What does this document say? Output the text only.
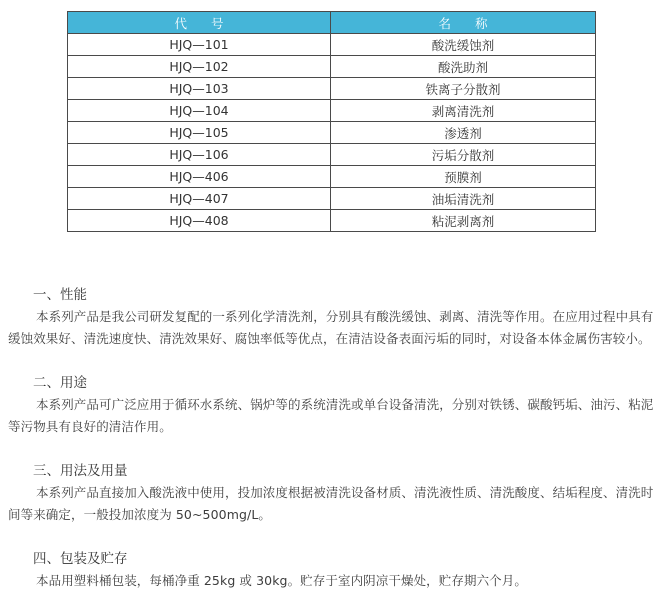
代 号	名 称
HJQ—101	酸洗缓蚀剂
HJQ—102	酸洗助剂
HJQ—103	铁离子分散剂
HJQ—104	剥离清洗剂
HJQ—105	渗透剂
HJQ—106	污垢分散剂
HJQ—406	预膜剂
HJQ—407	油垢清洗剂
HJQ—408	粘泥剥离剂
一、性能

本系列产品是我公司研发复配的一系列化学清洗剂，分别具有酸洗缓蚀、剥离、清洗等作用。在应用过程中具有缓蚀效果好、清洗速度快、清洗效果好、腐蚀率低等优点，在清洁设备表面污垢的同时，对设备本体金属伤害较小。

二、用途

本系列产品可广泛应用于循环水系统、锅炉等的系统清洗或单台设备清洗，分别对铁锈、碳酸钙垢、油污、粘泥等污物具有良好的清洁作用。

三、用法及用量

本系列产品直接加入酸洗液中使用，投加浓度根据被清洗设备材质、清洗液性质、清洗酸度、结垢程度、清洗时间等来确定，一般投加浓度为 50~500mg/L。

四、包装及贮存

本品用塑料桶包装，每桶净重 25kg 或 30kg。贮存于室内阴凉干燥处，贮存期六个月。
